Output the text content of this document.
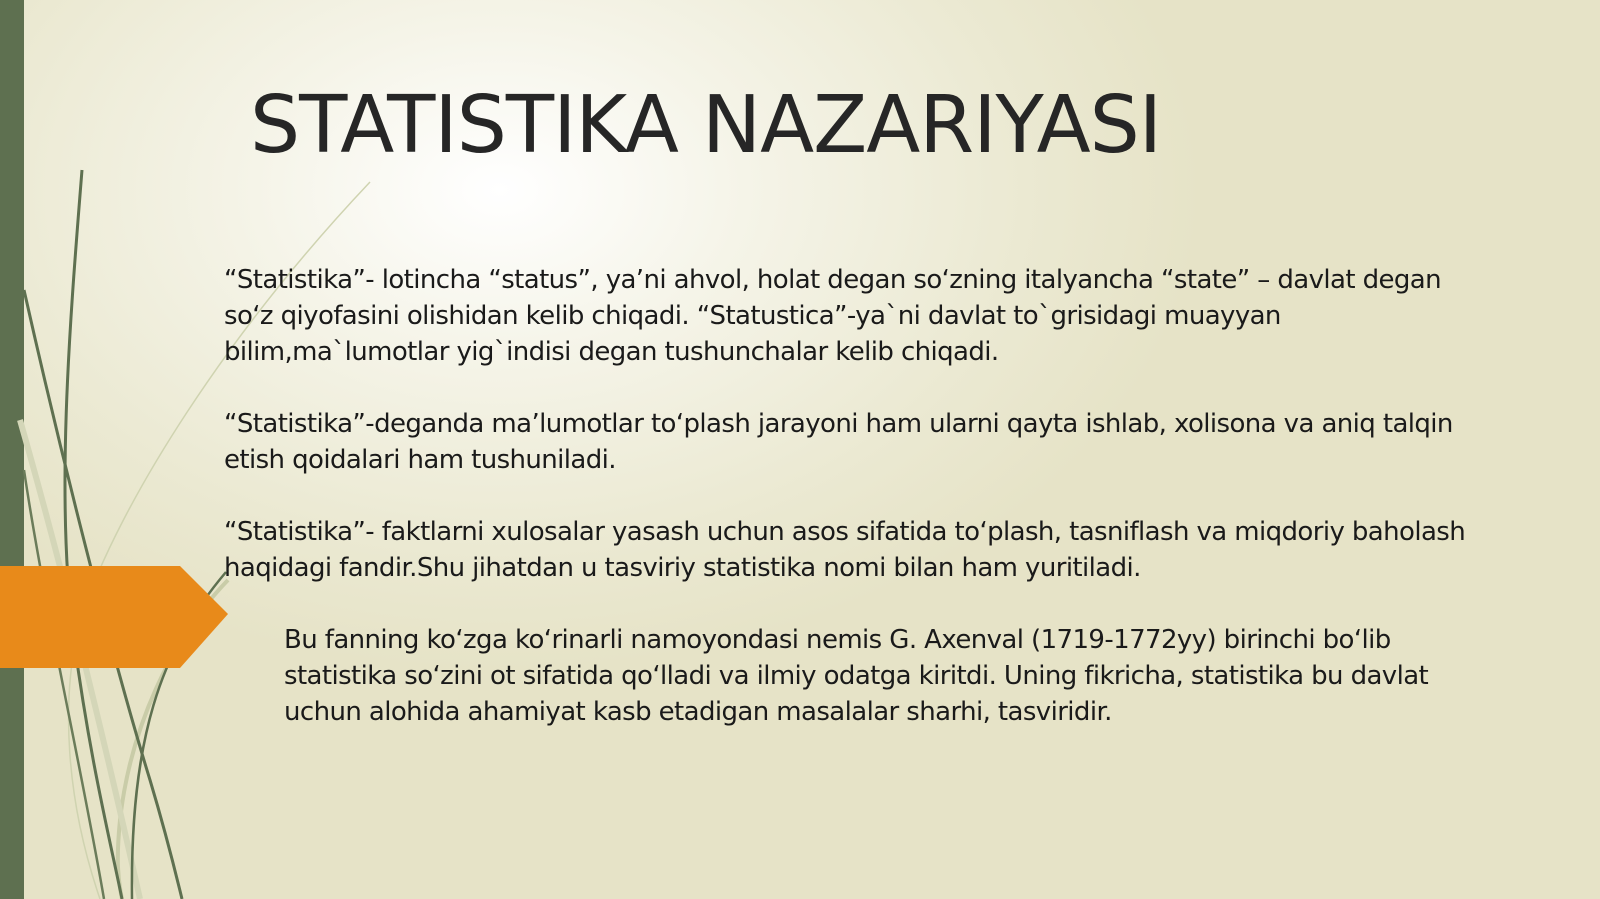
STATISTIKA NAZARIYASI

“Statistika”- lotincha “status”, ya’ni ahvol, holat degan so‘zning italyancha “state” – davlat degan so‘z qiyofasini olishidan kelib chiqadi. “Statustica”-ya`ni davlat to`grisidagi muayyan bilim,ma`lumotlar yig`indisi degan tushunchalar kelib chiqadi.

“Statistika”-deganda ma’lumotlar to‘plash jarayoni ham ularni qayta ishlab, xolisona va aniq talqin etish qoidalari ham tushuniladi.

“Statistika”- faktlarni xulosalar yasash uchun asos sifatida to‘plash, tasniflash va miqdoriy baholash haqidagi fandir.Shu jihatdan u tasviriy statistika nomi bilan ham yuritiladi.

Bu fanning ko‘zga ko‘rinarli namoyondasi nemis G. Axenval (1719-1772yy) birinchi bo‘lib statistika so‘zini ot sifatida qo‘lladi va ilmiy odatga kiritdi. Uning fikricha, statistika bu davlat uchun alohida ahamiyat kasb etadigan masalalar sharhi, tasviridir.
